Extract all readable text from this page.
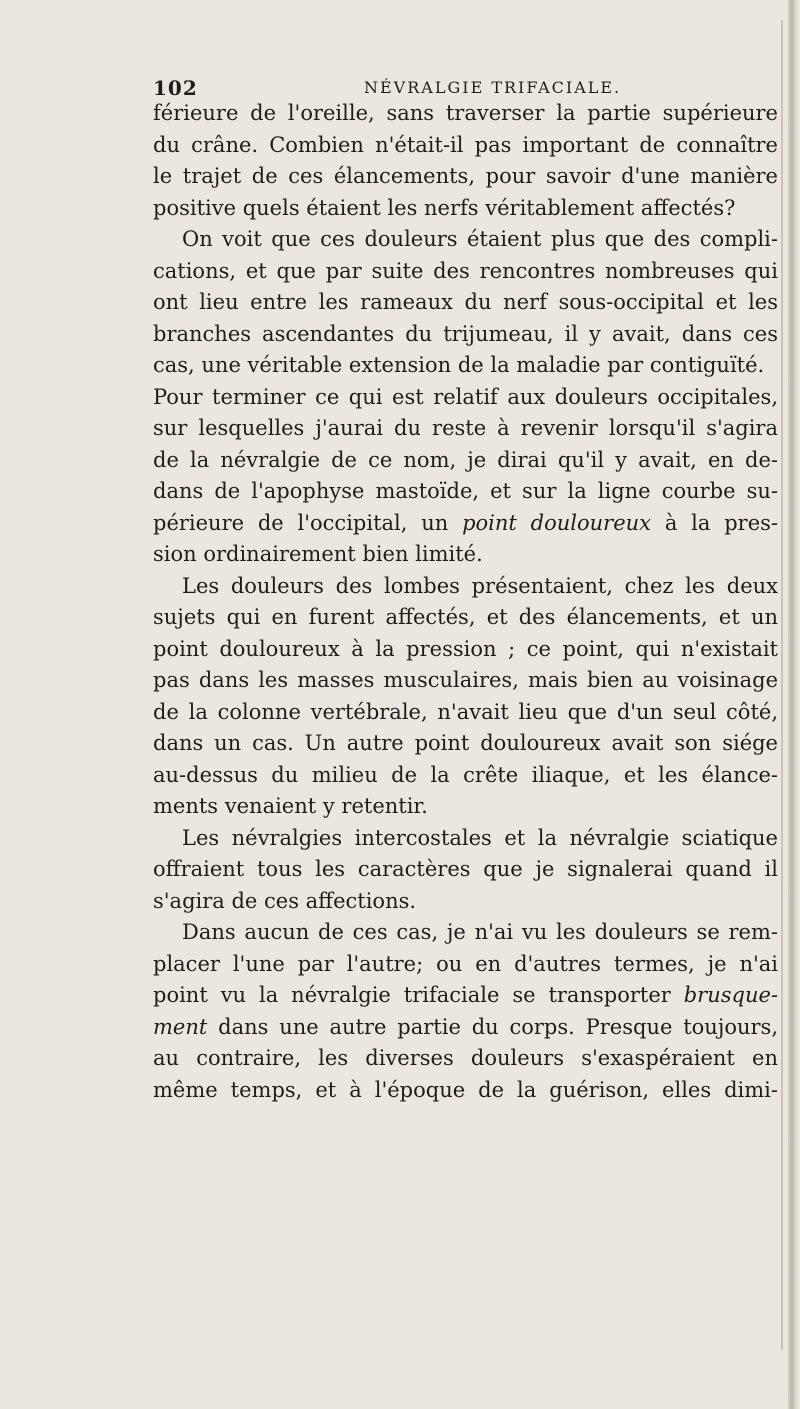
102	NÉVRALGIE TRIFACIALE.
férieure de l'oreille, sans traverser la partie supérieure
du crâne. Combien n'était-il pas important de connaître
le trajet de ces élancements, pour savoir d'une manière
positive quels étaient les nerfs véritablement affectés?
On voit que ces douleurs étaient plus que des compli-
cations, et que par suite des rencontres nombreuses qui
ont lieu entre les rameaux du nerf sous-occipital et les
branches ascendantes du trijumeau, il y avait, dans ces
cas, une véritable extension de la maladie par contiguïté.
Pour terminer ce qui est relatif aux douleurs occipitales,
sur lesquelles j'aurai du reste à revenir lorsqu'il s'agira
de la névralgie de ce nom, je dirai qu'il y avait, en de-
dans de l'apophyse mastoïde, et sur la ligne courbe su-
périeure de l'occipital, un point douloureux à la pres-
sion ordinairement bien limité.
Les douleurs des lombes présentaient, chez les deux
sujets qui en furent affectés, et des élancements, et un
point douloureux à la pression ; ce point, qui n'existait
pas dans les masses musculaires, mais bien au voisinage
de la colonne vertébrale, n'avait lieu que d'un seul côté,
dans un cas. Un autre point douloureux avait son siége
au-dessus du milieu de la crête iliaque, et les élance-
ments venaient y retentir.
Les névralgies intercostales et la névralgie sciatique
offraient tous les caractères que je signalerai quand il
s'agira de ces affections.
Dans aucun de ces cas, je n'ai vu les douleurs se rem-
placer l'une par l'autre; ou en d'autres termes, je n'ai
point vu la névralgie trifaciale se transporter brusque-
ment dans une autre partie du corps. Presque toujours,
au contraire, les diverses douleurs s'exaspéraient en
même temps, et à l'époque de la guérison, elles dimi-
